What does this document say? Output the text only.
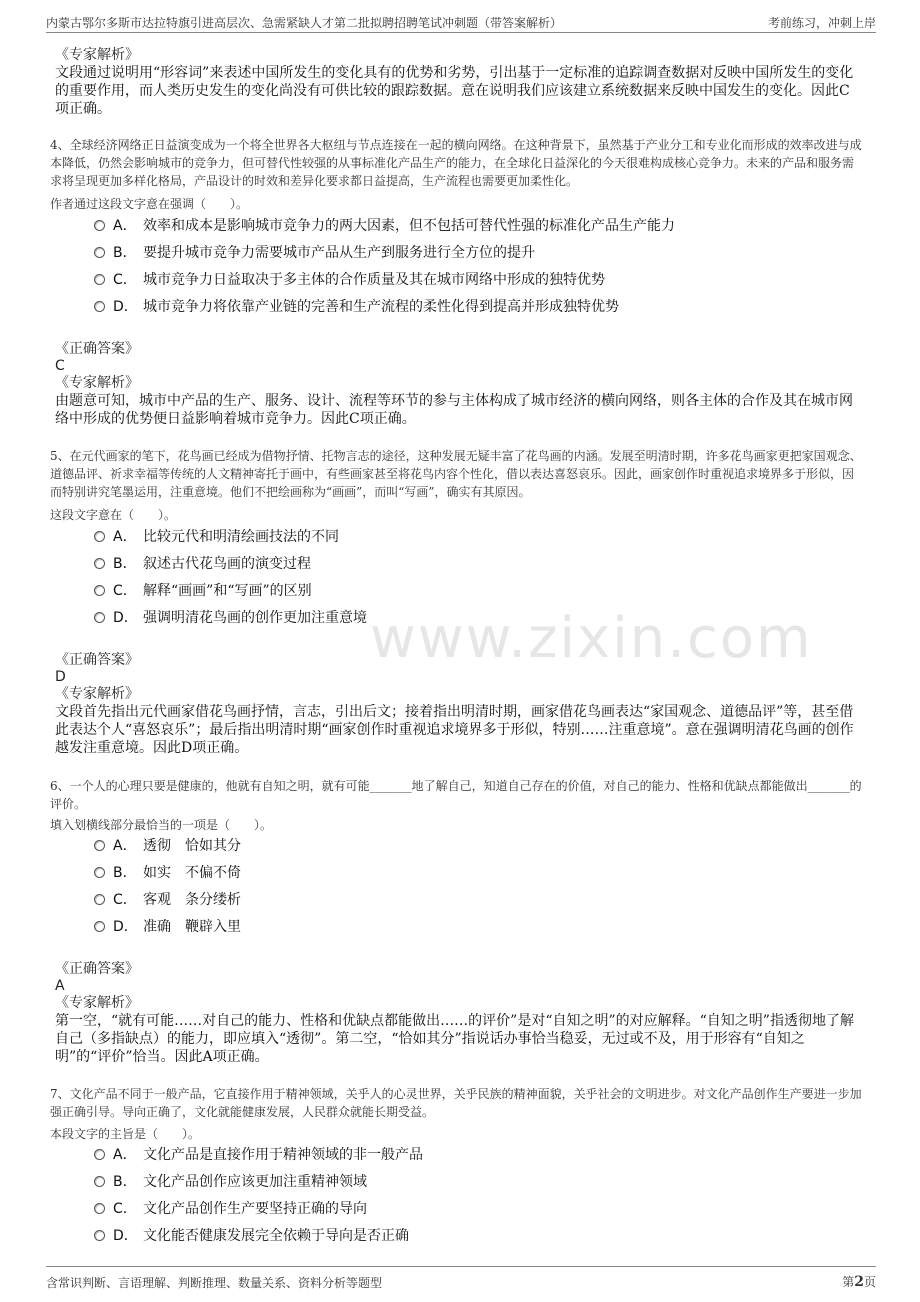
内蒙古鄂尔多斯市达拉特旗引进高层次、急需紧缺人才第二批拟聘招聘笔试冲刺题（带答案解析）	考前练习，冲刺上岸
www.zixin.com
《专家解析》
文段通过说明用“形容词”来表述中国所发生的变化具有的优势和劣势，引出基于一定标准的追踪调查数据对反映中国所发生的变化的重要作用，而人类历史发生的变化尚没有可供比较的跟踪数据。意在说明我们应该建立系统数据来反映中国发生的变化。因此C项正确。
4、全球经济网络正日益演变成为一个将全世界各大枢纽与节点连接在一起的横向网络。在这种背景下，虽然基于产业分工和专业化而形成的效率改进与成本降低，仍然会影响城市的竞争力，但可替代性较强的从事标准化产品生产的能力，在全球化日益深化的今天很难构成核心竞争力。未来的产品和服务需求将呈现更加多样化格局，产品设计的时效和差异化要求都日益提高，生产流程也需要更加柔性化。
作者通过这段文字意在强调（　　）。
A． 效率和成本是影响城市竞争力的两大因素，但不包括可替代性强的标准化产品生产能力
B． 要提升城市竞争力需要城市产品从生产到服务进行全方位的提升
C． 城市竞争力日益取决于多主体的合作质量及其在城市网络中形成的独特优势
D． 城市竞争力将依靠产业链的完善和生产流程的柔性化得到提高并形成独特优势
《正确答案》
C
《专家解析》
由题意可知，城市中产品的生产、服务、设计、流程等环节的参与主体构成了城市经济的横向网络，则各主体的合作及其在城市网络中形成的优势便日益影响着城市竞争力。因此C项正确。
5、在元代画家的笔下，花鸟画已经成为借物抒情、托物言志的途径，这种发展无疑丰富了花鸟画的内涵。发展至明清时期，许多花鸟画家更把家国观念、道德品评、祈求幸福等传统的人文精神寄托于画中，有些画家甚至将花鸟内容个性化，借以表达喜怒哀乐。因此，画家创作时重视追求境界多于形似，因而特别讲究笔墨运用，注重意境。他们不把绘画称为“画画”，而叫“写画”，确实有其原因。
这段文字意在（　　）。
A． 比较元代和明清绘画技法的不同
B． 叙述古代花鸟画的演变过程
C． 解释“画画”和“写画”的区别
D． 强调明清花鸟画的创作更加注重意境
《正确答案》
D
《专家解析》
文段首先指出元代画家借花鸟画抒情，言志，引出后文；接着指出明清时期，画家借花鸟画表达“家国观念、道德品评”等，甚至借此表达个人“喜怒哀乐”；最后指出明清时期“画家创作时重视追求境界多于形似，特别……注重意境”。意在强调明清花鸟画的创作越发注重意境。因此D项正确。
6、一个人的心理只要是健康的，他就有自知之明，就有可能_______地了解自己，知道自己存在的价值，对自己的能力、性格和优缺点都能做出_______的评价。
填入划横线部分最恰当的一项是（　　）。
A． 透彻　恰如其分
B． 如实　不偏不倚
C． 客观　条分缕析
D． 准确　鞭辟入里
《正确答案》
A
《专家解析》
第一空，“就有可能……对自己的能力、性格和优缺点都能做出……的评价”是对“自知之明”的对应解释。“自知之明”指透彻地了解自己（多指缺点）的能力，即应填入“透彻”。第二空，“恰如其分”指说话办事恰当稳妥，无过或不及，用于形容有“自知之明”的“评价”恰当。因此A项正确。
7、文化产品不同于一般产品，它直接作用于精神领域，关乎人的心灵世界，关乎民族的精神面貌，关乎社会的文明进步。对文化产品创作生产要进一步加强正确引导。导向正确了，文化就能健康发展，人民群众就能长期受益。
本段文字的主旨是（　　）。
A． 文化产品是直接作用于精神领域的非一般产品
B． 文化产品创作应该更加注重精神领域
C． 文化产品创作生产要坚持正确的导向
D． 文化能否健康发展完全依赖于导向是否正确
含常识判断、言语理解、判断推理、数量关系、资料分析等题型	第2页
